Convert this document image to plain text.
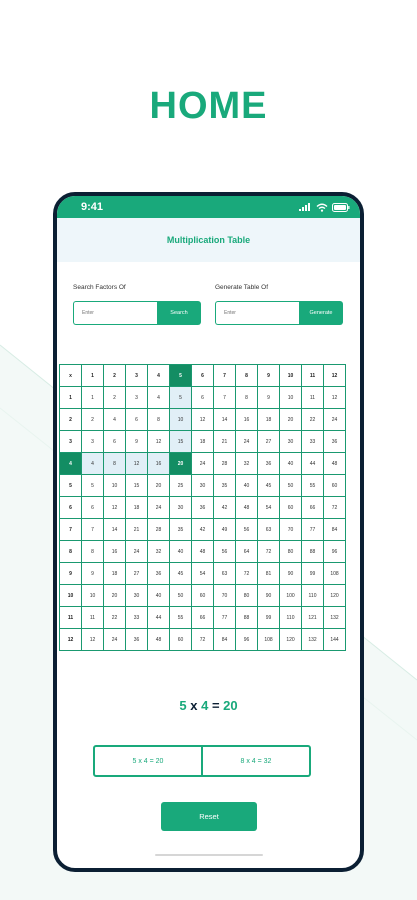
HOME
9:41
Multiplication Table
Search Factors Of
Enter
Search
Generate Table Of
Enter
Generate
x	1	2	3	4	5	6	7	8	9	10	11	12
1	1	2	3	4	5	6	7	8	9	10	11	12
2	2	4	6	8	10	12	14	16	18	20	22	24
3	3	6	9	12	15	18	21	24	27	30	33	36
4	4	8	12	16	20	24	28	32	36	40	44	48
5	5	10	15	20	25	30	35	40	45	50	55	60
6	6	12	18	24	30	36	42	48	54	60	66	72
7	7	14	21	28	35	42	49	56	63	70	77	84
8	8	16	24	32	40	48	56	64	72	80	88	96
9	9	18	27	36	45	54	63	72	81	90	99	108
10	10	20	30	40	50	60	70	80	90	100	110	120
11	11	22	33	44	55	66	77	88	99	110	121	132
12	12	24	36	48	60	72	84	96	108	120	132	144
5 x 4 = 20
5 x 4 = 20	8 x 4 = 32
Reset
